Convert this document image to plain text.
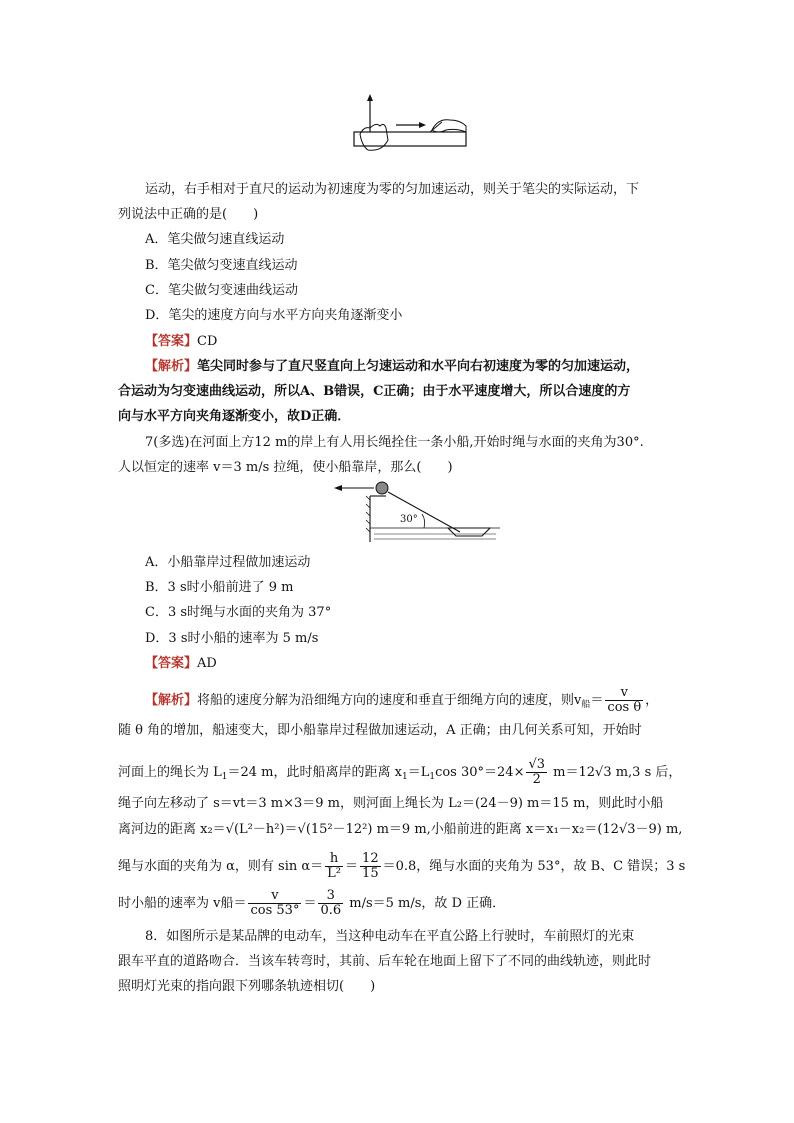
运动，右手相对于直尺的运动为初速度为零的匀加速运动，则关于笔尖的实际运动，下
列说法中正确的是(　　)
A．笔尖做匀速直线运动
B．笔尖做匀变速直线运动
C．笔尖做匀变速曲线运动
D．笔尖的速度方向与水平方向夹角逐渐变小
【答案】CD
【解析】笔尖同时参与了直尺竖直向上匀速运动和水平向右初速度为零的匀加速运动，
合运动为匀变速曲线运动，所以A、B错误，C正确；由于水平速度增大，所以合速度的方
向与水平方向夹角逐渐变小，故D正确．
7(多选)在河面上方12 m的岸上有人用长绳拴住一条小船,开始时绳与水面的夹角为30°.
人以恒定的速率 v＝3 m/s 拉绳，使小船靠岸，那么(　　)
30°
A．小船靠岸过程做加速运动
B．3 s时小船前进了 9 m
C．3 s时绳与水面的夹角为 37°
D．3 s时小船的速率为 5 m/s
【答案】AD
【解析】将船的速度分解为沿细绳方向的速度和垂直于细绳方向的速度，则$v_船= \frac{v}{\text{cos θ}}$ ，
随 θ 角的增加，船速变大，即小船靠岸过程做加速运动，A 正确；由几何关系可知，开始时
河面上的绳长为 $L_1=24$ m，此时船离岸的距离 $x_1=L_1\cos$ $30^\circ=24\times \frac{√3}{2} m=12√3$ m,3 s 后，
绳子向左移动了 s＝vt＝3 m×3＝9 m，则河面上绳长为 L₂＝(24－9) m＝15 m，则此时小船
离河边的距离 x₂＝√(L²－h²)＝√(15²－12²) m＝9 m,小船前进的距离 x＝x₁－x₂＝(12√3－9) m,
绳与水面的夹角为 α，则有 $\sin \alpha= \frac{h}{\text{L²}} = \frac{12}{15} =0.8$，绳与水面的夹角为 53°，故 B、C 错误；3 s
时小船的速率为 v船＝ $\frac{v}{\cos 53^\circ} = \frac{3}{0.6} m/s=5$ m/s，故 D 正确．
8．如图所示是某品牌的电动车，当这种电动车在平直公路上行驶时，车前照灯的光束
跟车平直的道路吻合．当该车转弯时，其前、后车轮在地面上留下了不同的曲线轨迹，则此时
照明灯光束的指向跟下列哪条轨迹相切(　　)
